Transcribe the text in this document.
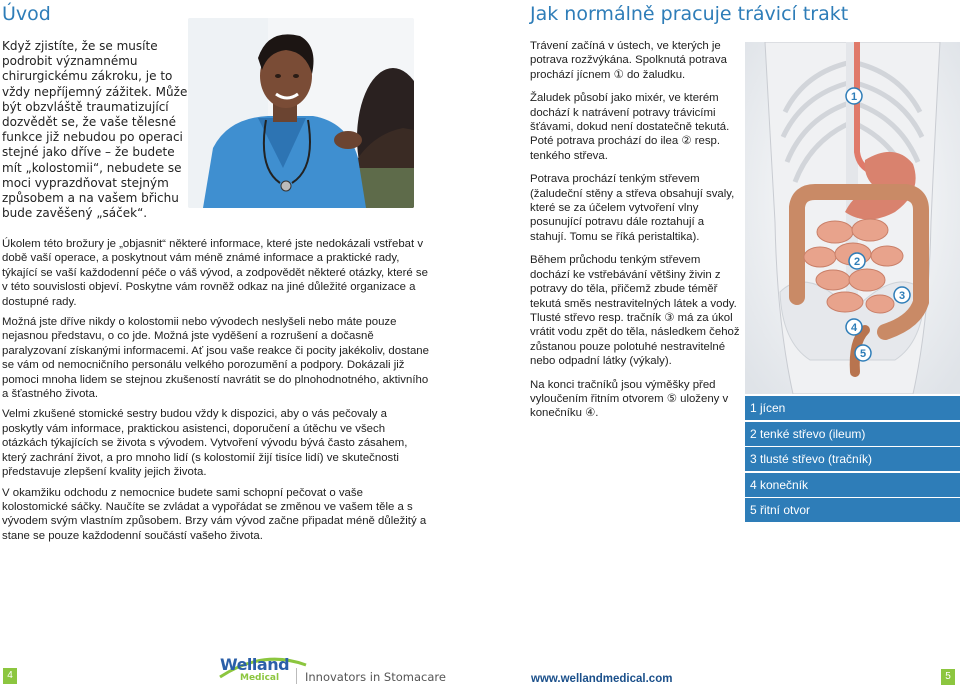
Úvod

Když zjistíte, že se musíte podrobit významnému chirurgickému zákroku, je to vždy nepříjemný zážitek. Může být obzvláště traumatizující dozvědět se, že vaše tělesné funkce již nebudou po operaci stejné jako dříve – že budete mít „kolostomii“, nebudete se moci vyprazdňovat stejným způsobem a na vašem břichu bude zavěšený „sáček“.

Úkolem této brožury je „objasnit“ některé informace, které jste nedokázali vstřebat v době vaší operace, a poskytnout vám méně známé informace a praktické rady, týkající se vaší každodenní péče o váš vývod, a zodpovědět některé otázky, které se v této souvislosti objeví. Poskytne vám rovněž odkaz na jiné důležité organizace a dostupné rady.

Možná jste dříve nikdy o kolostomii nebo vývodech neslyšeli nebo máte pouze nejasnou představu, o co jde. Možná jste vyděšení a rozrušení a dočasně paralyzovaní získanými informacemi. Ať jsou vaše reakce či pocity jakékoliv, dostane se vám od nemocničního personálu velkého porozumění a podpory. Dokázali již pomoci mnoha lidem se stejnou zkušeností navrátit se do plnohodnotného, aktivního a šťastného života.

Velmi zkušené stomické sestry budou vždy k dispozici, aby o vás pečovaly a poskytly vám informace, praktickou asistenci, doporučení a útěchu ve všech otázkách týkajících se života s vývodem. Vytvoření vývodu bývá často zásahem, který zachrání život, a pro mnoho lidí (s kolostomií žijí tisíce lidí) ve skutečnosti představuje zlepšení kvality jejich života.

V okamžiku odchodu z nemocnice budete sami schopní pečovat o vaše kolostomické sáčky. Naučíte se zvládat a vypořádat se změnou ve vašem těle a s vývodem svým vlastním způsobem. Brzy vám vývod začne připadat méně důležitý a stane se pouze každodenní součástí vašeho života.

Jak normálně pracuje trávicí trakt

Trávení začíná v ústech, ve kterých je potrava rozžvýkána. Spolknutá potrava prochází jícnem ① do žaludku.

Žaludek působí jako mixér, ve kterém dochází k natrávení potravy trávicími šťávami, dokud není dostatečně tekutá. Poté potrava prochází do ilea ② resp. tenkého střeva.

Potrava prochází tenkým střevem (žaludeční stěny a střeva obsahují svaly, které se za účelem vytvoření vlny posunující potravu dále roztahují a stahují. Tomu se říká peristaltika).

Během průchodu tenkým střevem dochází ke vstřebávání většiny živin z potravy do těla, přičemž zbude téměř tekutá směs nestravitelných látek a vody. Tlusté střevo resp. tračník ③ má za úkol vrátit vodu zpět do těla, následkem čehož zůstanou pouze polotuhé nestravitelné nebo odpadní látky (výkaly).

Na konci tračníků jsou výměšky před vyloučením řitním otvorem ⑤ uloženy v konečníku ④.

1
2
3
4
5
1 jícen
2 tenké střevo (ileum)
3 tlusté střevo (tračník)
4 konečník
5 řitní otvor
4
Welland
Medical Innovators in Stomacare	www.wellandmedical.com	5
